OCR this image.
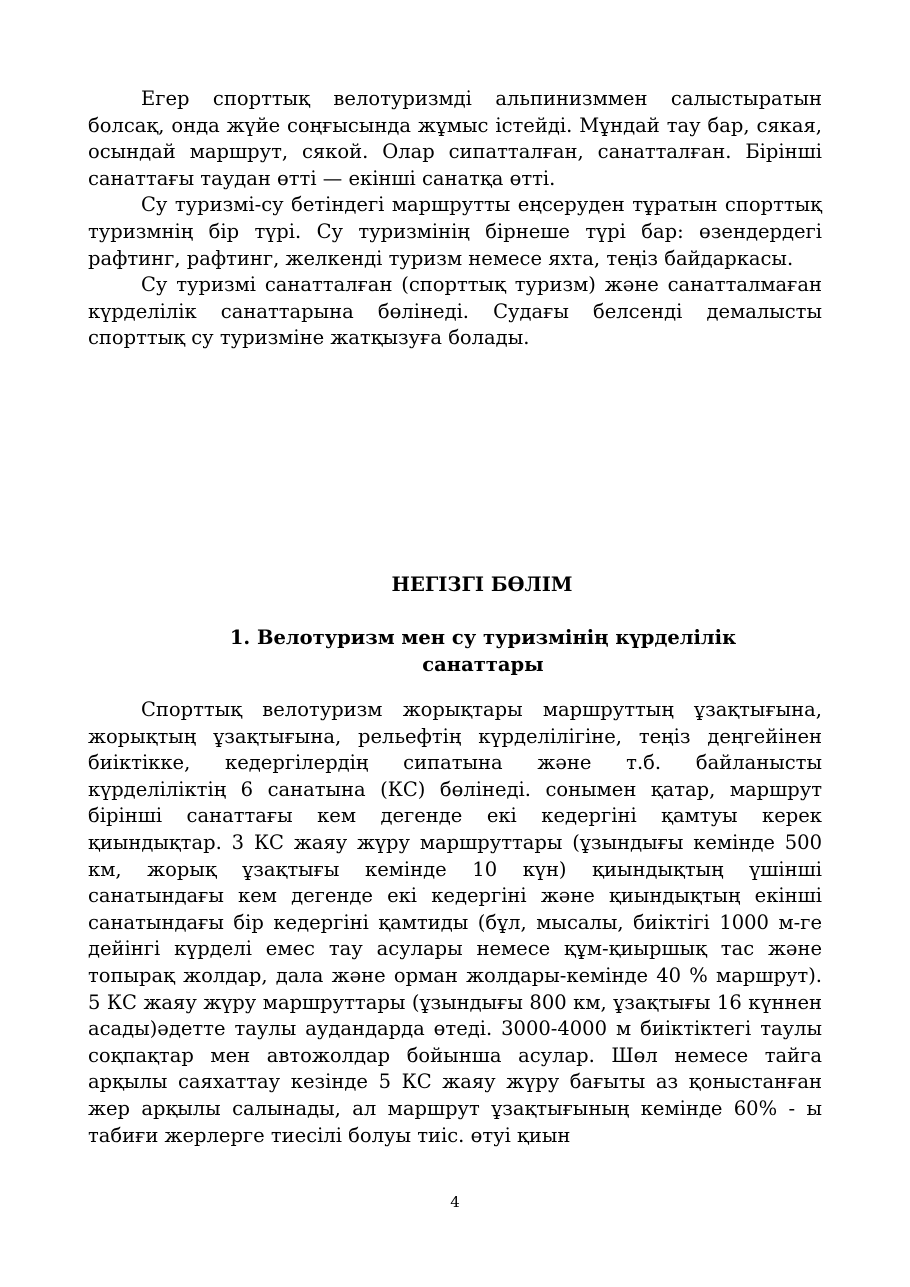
Егер спорттық велотуризмді альпинизммен салыстыратын болсақ, онда жүйе соңғысында жұмыс істейді. Мұндай тау бар, сякая, осындай маршрут, сякой. Олар сипатталған, санатталған. Бірінші санаттағы таудан өтті — екінші санатқа өтті.

Су туризмі-су бетіндегі маршрутты еңсеруден тұратын спорттық туризмнің бір түрі. Су туризмінің бірнеше түрі бар: өзендердегі рафтинг, рафтинг, желкенді туризм немесе яхта, теңіз байдаркасы.

Су туризмі санатталған (спорттық туризм) және санатталмаған күрделілік санаттарына бөлінеді. Судағы белсенді демалысты спорттық су туризміне жатқызуға болады.

НЕГІЗГІ БӨЛІМ
1. Велотуризм мен су туризмінің күрделілік санаттары

Спорттық велотуризм жорықтары маршруттың ұзақтығына, жорықтың ұзақтығына, рельефтің күрделілігіне, теңіз деңгейінен биіктікке, кедергілердің сипатына және т.б. байланысты күрделіліктің 6 санатына (КС) бөлінеді. сонымен қатар, маршрут бірінші санаттағы кем дегенде екі кедергіні қамтуы керек қиындықтар. 3 КС жаяу жүру маршруттары (ұзындығы кемінде 500 км, жорық ұзақтығы кемінде 10 күн) қиындықтың үшінші санатындағы кем дегенде екі кедергіні және қиындықтың екінші санатындағы бір кедергіні қамтиды (бұл, мысалы, биіктігі 1000 м-ге дейінгі күрделі емес тау асулары немесе құм-қиыршық тас және топырақ жолдар, дала және орман жолдары-кемінде 40 % маршрут). 5 КС жаяу жүру маршруттары (ұзындығы 800 км, ұзақтығы 16 күннен асады)әдетте таулы аудандарда өтеді. 3000-4000 м биіктіктегі таулы соқпақтар мен автожолдар бойынша асулар. Шөл немесе тайга арқылы саяхаттау кезінде 5 КС жаяу жүру бағыты аз қоныстанған жер арқылы салынады, ал маршрут ұзақтығының кемінде 60% - ы табиғи жерлерге тиесілі болуы тиіс. өтуі қиын

4
